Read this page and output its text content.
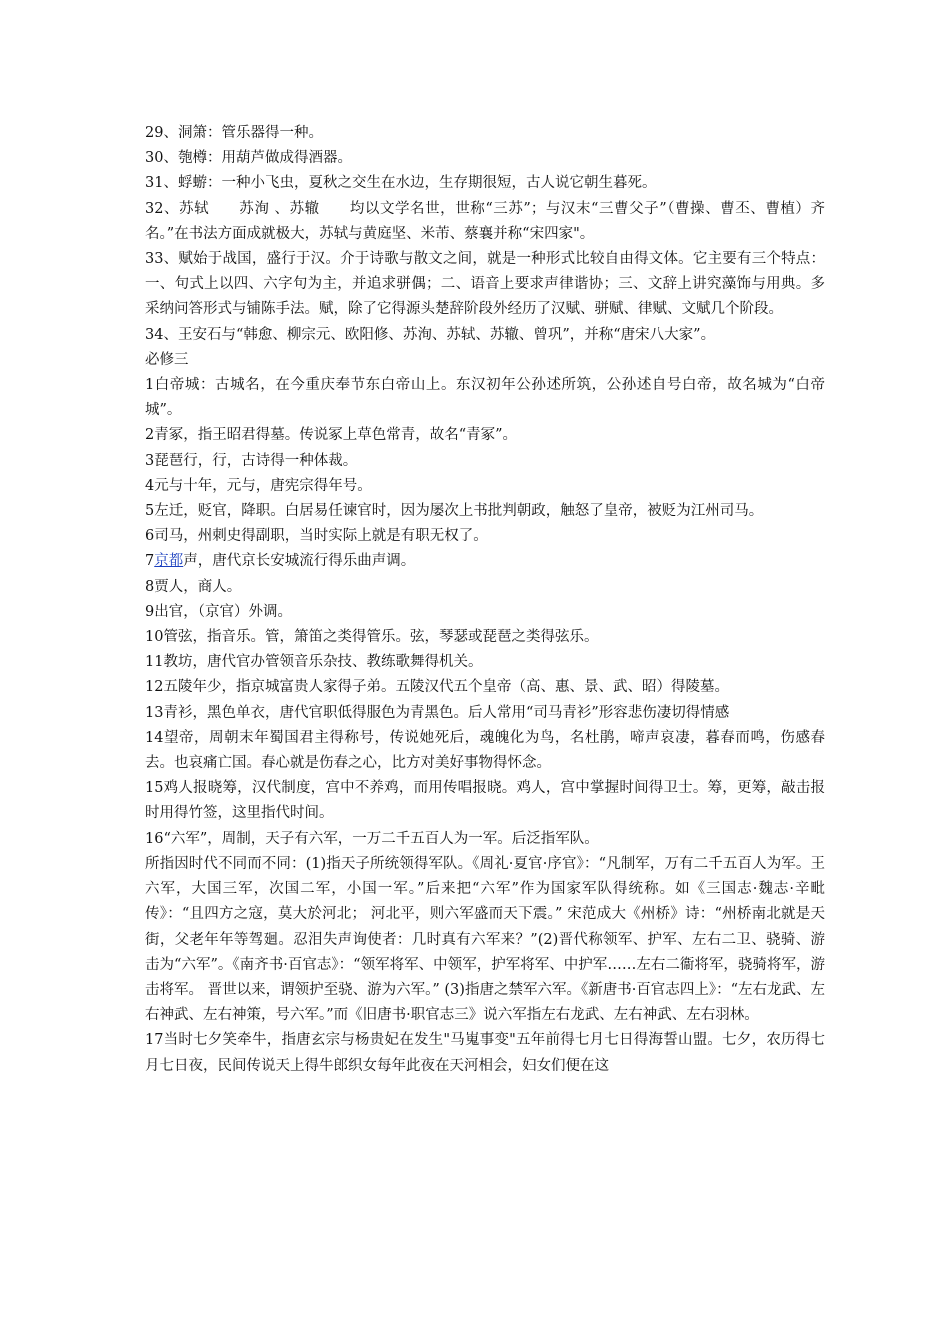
29、洞箫：管乐器得一种。

30、匏樽：用葫芦做成得酒器。

31、蜉蝣：一种小飞虫，夏秋之交生在水边，生存期很短，古人说它朝生暮死。

32、苏轼　　苏洵 、苏辙　　均以文学名世，世称“三苏”；与汉末“三曹父子”（曹操、曹丕、曹植）齐名。”在书法方面成就极大，苏轼与黄庭坚、米芾、蔡襄并称“宋四家"。

33、赋始于战国，盛行于汉。介于诗歌与散文之间，就是一种形式比较自由得文体。它主要有三个特点：一、句式上以四、六字句为主，并追求骈偶；二、语音上要求声律谐协；三、文辞上讲究藻饰与用典。多采纳问答形式与铺陈手法。赋，除了它得源头楚辞阶段外经历了汉赋、骈赋、律赋、文赋几个阶段。

34、王安石与“韩愈、柳宗元、欧阳修、苏洵、苏轼、苏辙、曾巩”，并称“唐宋八大家”。

必修三

1白帝城：古城名，在今重庆奉节东白帝山上。东汉初年公孙述所筑，公孙述自号白帝，故名城为“白帝城”。

2青冢，指王昭君得墓。传说冢上草色常青，故名“青冢”。

3琵琶行，行，古诗得一种体裁。

4元与十年，元与，唐宪宗得年号。

5左迁，贬官，降职。白居易任谏官时，因为屡次上书批判朝政，触怒了皇帝，被贬为江州司马。

6司马，州刺史得副职，当时实际上就是有职无权了。

7京都声，唐代京长安城流行得乐曲声调。

8贾人，商人。

9出官，（京官）外调。

10管弦，指音乐。管，箫笛之类得管乐。弦，琴瑟或琵琶之类得弦乐。

11教坊，唐代官办管领音乐杂技、教练歌舞得机关。

12五陵年少，指京城富贵人家得子弟。五陵汉代五个皇帝（高、惠、景、武、昭）得陵墓。

13青衫，黑色单衣，唐代官职低得服色为青黑色。后人常用“司马青衫”形容悲伤凄切得情感

14望帝，周朝末年蜀国君主得称号，传说她死后，魂魄化为鸟，名杜鹃，啼声哀凄，暮春而鸣，伤感春去。也哀痛亡国。春心就是伤春之心，比方对美好事物得怀念。

15鸡人报晓筹，汉代制度，宫中不养鸡，而用传唱报晓。鸡人，宫中掌握时间得卫士。筹，更筹，敲击报时用得竹签，这里指代时间。

16“六军”，周制，天子有六军，一万二千五百人为一军。后泛指军队。

所指因时代不同而不同：(1)指天子所统领得军队。《周礼·夏官·序官》：“凡制军，万有二千五百人为军。王六军，大国三军，次国二军，小国一军。”后来把“六军”作为国家军队得统称。如《三国志·魏志·辛毗传》：“且四方之寇，莫大於河北； 河北平，则六军盛而天下震。” 宋范成大《州桥》诗：“州桥南北就是天街，父老年年等驾廻。忍泪失声询使者：几时真有六军来？”(2)晋代称领军、护军、左右二卫、骁骑、游击为“六军”。《南齐书·百官志》：“领军将军、中领军，护军将军、中护军……左右二衞将军，骁骑将军，游击将军。 晋世以来，谓领护至骁、游为六军。” (3)指唐之禁军六军。《新唐书·百官志四上》：“左右龙武、左右神武、左右神策，号六军。”而《旧唐书·职官志三》说六军指左右龙武、左右神武、左右羽林。

17当时七夕笑牵牛，指唐玄宗与杨贵妃在发生"马嵬事变"五年前得七月七日得海誓山盟。七夕，农历得七月七日夜，民间传说天上得牛郎织女每年此夜在天河相会，妇女们便在这
